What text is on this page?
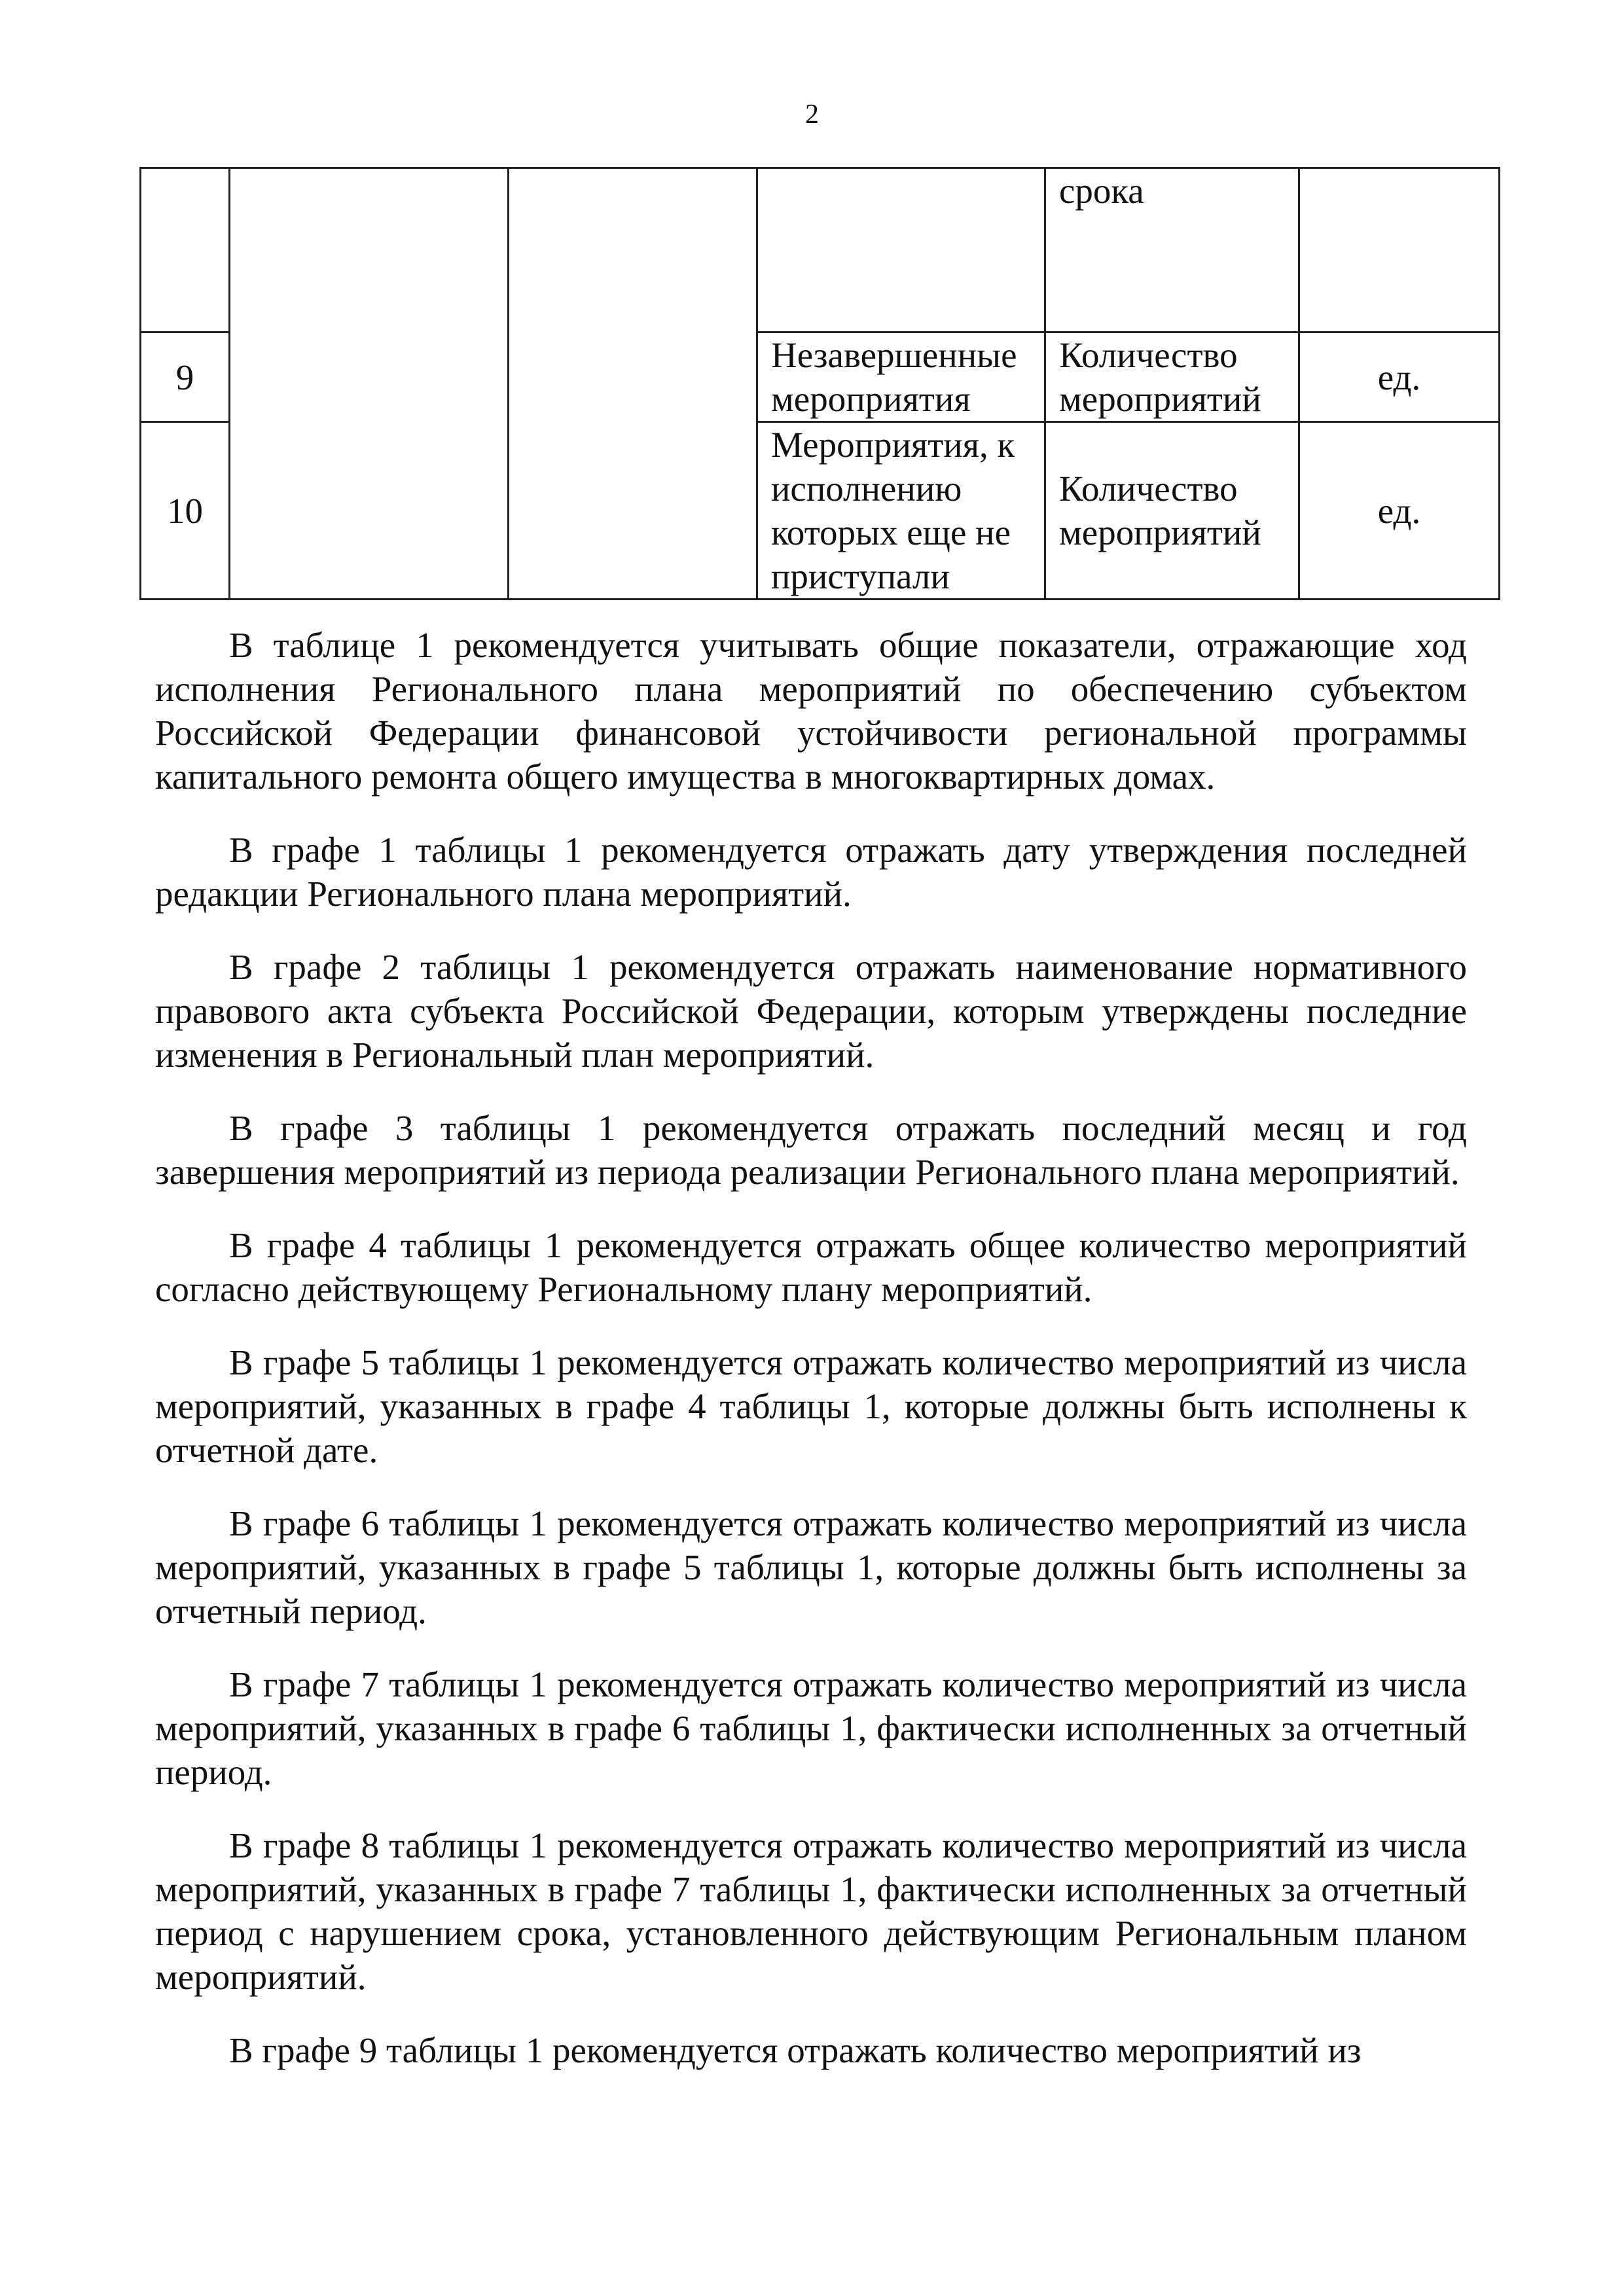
2
				срока	
9			Незавершенные мероприятия	Количество мероприятий	ед.
10			Мероприятия, к исполнению которых еще не приступали	Количество мероприятий	ед.

В таблице 1 рекомендуется учитывать общие показатели, отражающие ход исполнения Регионального плана мероприятий по обеспечению субъектом Российской Федерации финансовой устойчивости региональной программы капитального ремонта общего имущества в многоквартирных домах.

В графе 1 таблицы 1 рекомендуется отражать дату утверждения последней редакции Регионального плана мероприятий.

В графе 2 таблицы 1 рекомендуется отражать наименование нормативного правового акта субъекта Российской Федерации, которым утверждены последние изменения в Региональный план мероприятий.

В графе 3 таблицы 1 рекомендуется отражать последний месяц и год завершения мероприятий из периода реализации Регионального плана мероприятий.

В графе 4 таблицы 1 рекомендуется отражать общее количество мероприятий согласно действующему Региональному плану мероприятий.

В графе 5 таблицы 1 рекомендуется отражать количество мероприятий из числа мероприятий, указанных в графе 4 таблицы 1, которые должны быть исполнены к отчетной дате.

В графе 6 таблицы 1 рекомендуется отражать количество мероприятий из числа мероприятий, указанных в графе 5 таблицы 1, которые должны быть исполнены за отчетный период.

В графе 7 таблицы 1 рекомендуется отражать количество мероприятий из числа мероприятий, указанных в графе 6 таблицы 1, фактически исполненных за отчетный период.

В графе 8 таблицы 1 рекомендуется отражать количество мероприятий из числа мероприятий, указанных в графе 7 таблицы 1, фактически исполненных за отчетный период с нарушением срока, установленного действующим Региональным планом мероприятий.

В графе 9 таблицы 1 рекомендуется отражать количество мероприятий из
